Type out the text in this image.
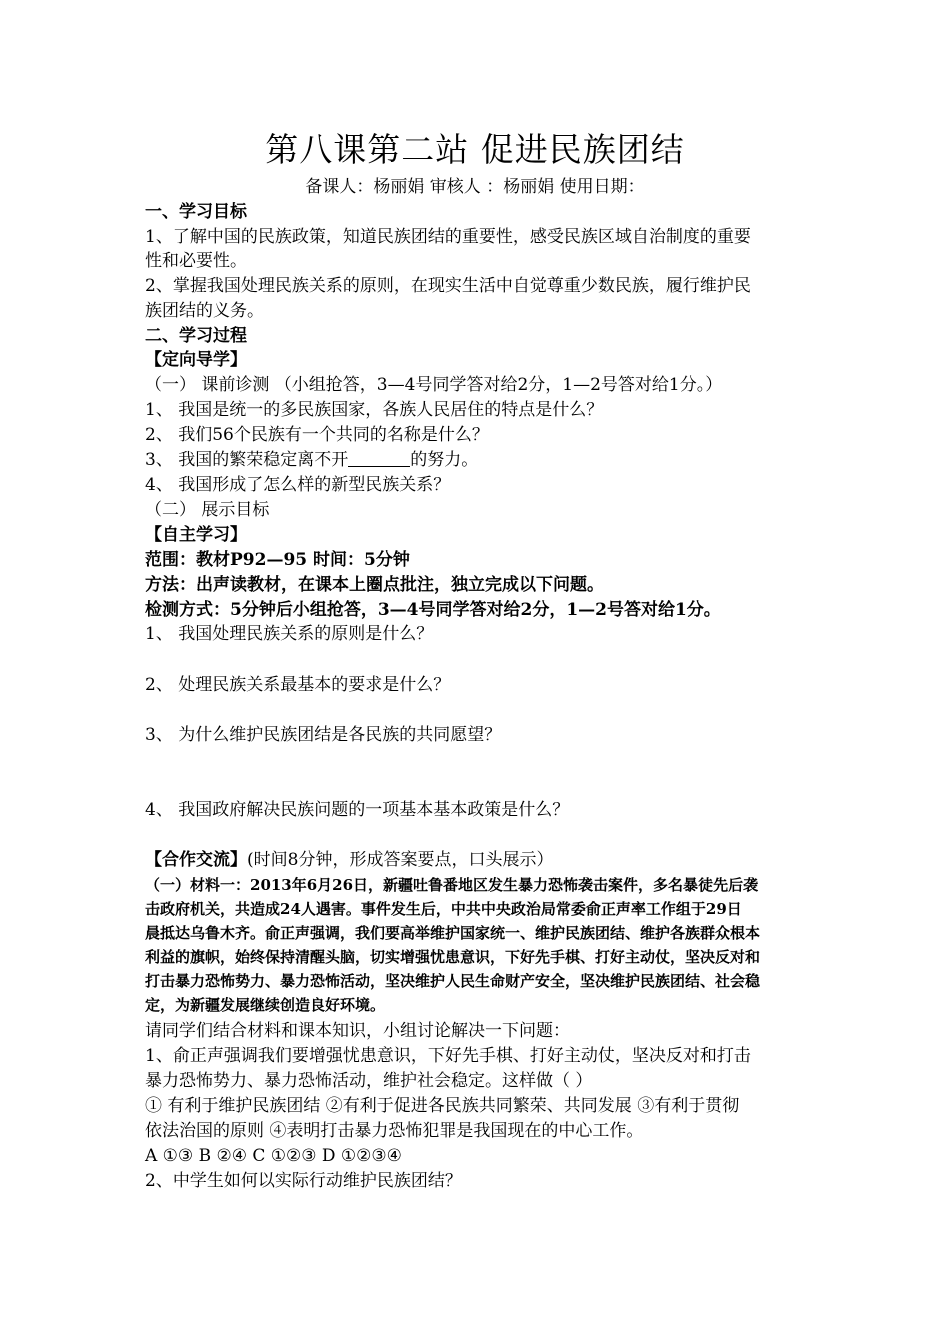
第八课第二站 促进民族团结
备课人：杨丽娟 审核人 ：杨丽娟 使用日期：
一、学习目标
1、了解中国的民族政策，知道民族团结的重要性，感受民族区域自治制度的重要
性和必要性。
2、掌握我国处理民族关系的原则，在现实生活中自觉尊重少数民族，履行维护民
族团结的义务。
二、学习过程
【定向导学】
（一） 课前诊测 （小组抢答，3—4号同学答对给2分，1—2号答对给1分。）
1、 我国是统一的多民族国家，各族人民居住的特点是什么？
2、 我们56个民族有一个共同的名称是什么？
3、 我国的繁荣稳定离不开	的努力。
4、 我国形成了怎么样的新型民族关系？
（二） 展示目标
【自主学习】
范围：教材P92—95 时间：5分钟
方法：出声读教材，在课本上圈点批注，独立完成以下问题。
检测方式：5分钟后小组抢答，3—4号同学答对给2分，1—2号答对给1分。
1、 我国处理民族关系的原则是什么？
2、 处理民族关系最基本的要求是什么？
3、 为什么维护民族团结是各民族的共同愿望？
4、 我国政府解决民族问题的一项基本基本政策是什么？
【合作交流】(时间8分钟，形成答案要点，口头展示）
（一）材料一：2013年6月26日，新疆吐鲁番地区发生暴力恐怖袭击案件，多名暴徒先后袭
击政府机关，共造成24人遇害。事件发生后，中共中央政治局常委俞正声率工作组于29日
晨抵达乌鲁木齐。俞正声强调，我们要高举维护国家统一、维护民族团结、维护各族群众根本
利益的旗帜，始终保持清醒头脑，切实增强忧患意识，下好先手棋、打好主动仗，坚决反对和
打击暴力恐怖势力、暴力恐怖活动，坚决维护人民生命财产安全，坚决维护民族团结、社会稳
定，为新疆发展继续创造良好环境。
请同学们结合材料和课本知识，小组讨论解决一下问题：
1、俞正声强调我们要增强忧患意识，下好先手棋、打好主动仗，坚决反对和打击
暴力恐怖势力、暴力恐怖活动，维护社会稳定。这样做（ ）
① 有利于维护民族团结 ②有利于促进各民族共同繁荣、共同发展 ③有利于贯彻
依法治国的原则 ④表明打击暴力恐怖犯罪是我国现在的中心工作。
A ①③ B ②④ C ①②③ D ①②③④
2、中学生如何以实际行动维护民族团结？
